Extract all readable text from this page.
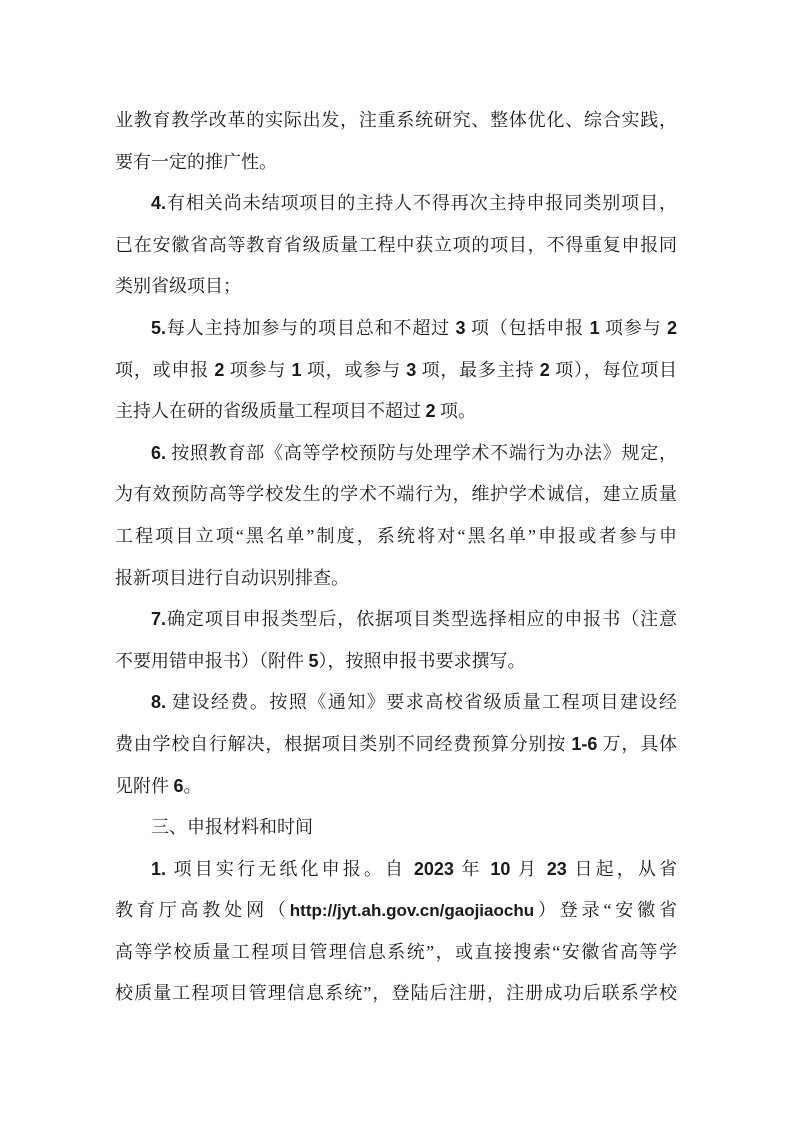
业教育教学改革的实际出发，注重系统研究、整体优化、综合实践，
要有一定的推广性。
4.有相关尚未结项项目的主持人不得再次主持申报同类别项目，
已在安徽省高等教育省级质量工程中获立项的项目，不得重复申报同
类别省级项目；
5.每人主持加参与的项目总和不超过 3 项（包括申报 1 项参与 2
项，或申报 2 项参与 1 项，或参与 3 项，最多主持 2 项），每位项目
主持人在研的省级质量工程项目不超过 2 项。
6. 按照教育部《高等学校预防与处理学术不端行为办法》规定，
为有效预防高等学校发生的学术不端行为，维护学术诚信，建立质量
工程项目立项“黑名单”制度，系统将对“黑名单”申报或者参与申
报新项目进行自动识别排查。
7.确定项目申报类型后，依据项目类型选择相应的申报书（注意
不要用错申报书）（附件 5），按照申报书要求撰写。
8. 建设经费。按照《通知》要求高校省级质量工程项目建设经
费由学校自行解决，根据项目类别不同经费预算分别按 1-6 万，具体
见附件 6。
三、申报材料和时间
1. 项目实行无纸化申报。自 2023 年 10 月 23 日起，从省
教育厅高教处网（http://jyt.ah.gov.cn/gaojiaochu）登录“安徽省
高等学校质量工程项目管理信息系统”，或直接搜索“安徽省高等学
校质量工程项目管理信息系统”，登陆后注册，注册成功后联系学校
